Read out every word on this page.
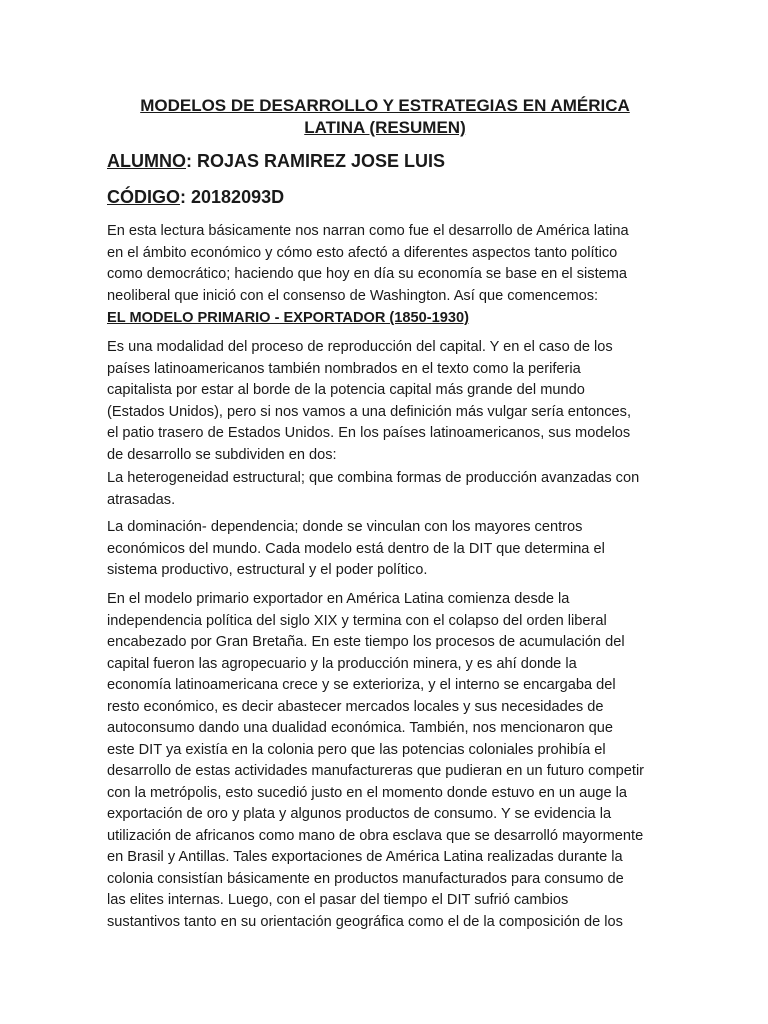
MODELOS DE DESARROLLO Y ESTRATEGIAS EN AMÉRICA
LATINA (RESUMEN)
ALUMNO: ROJAS RAMIREZ JOSE LUIS
CÓDIGO: 20182093D
En esta lectura básicamente nos narran como fue el desarrollo de América latina
en el ámbito económico y cómo esto afectó a diferentes aspectos tanto político
como democrático; haciendo que hoy en día su economía se base en el sistema
neoliberal que inició con el consenso de Washington. Así que comencemos:
EL MODELO PRIMARIO - EXPORTADOR (1850-1930)
Es una modalidad del proceso de reproducción del capital. Y en el caso de los
países latinoamericanos también nombrados en el texto como la periferia
capitalista por estar al borde de la potencia capital más grande del mundo
(Estados Unidos), pero si nos vamos a una definición más vulgar sería entonces,
el patio trasero de Estados Unidos. En los países latinoamericanos, sus modelos
de desarrollo se subdividen en dos:
La heterogeneidad estructural; que combina formas de producción avanzadas con
atrasadas.
La dominación- dependencia; donde se vinculan con los mayores centros
económicos del mundo. Cada modelo está dentro de la DIT que determina el
sistema productivo, estructural y el poder político.
En el modelo primario exportador en América Latina comienza desde la
independencia política del siglo XIX y termina con el colapso del orden liberal
encabezado por Gran Bretaña. En este tiempo los procesos de acumulación del
capital fueron las agropecuario y la producción minera, y es ahí donde la
economía latinoamericana crece y se exterioriza, y el interno se encargaba del
resto económico, es decir abastecer mercados locales y sus necesidades de
autoconsumo dando una dualidad económica. También, nos mencionaron que
este DIT ya existía en la colonia pero que las potencias coloniales prohibía el
desarrollo de estas actividades manufactureras que pudieran en un futuro competir
con la metrópolis, esto sucedió justo en el momento donde estuvo en un auge la
exportación de oro y plata y algunos productos de consumo. Y se evidencia la
utilización de africanos como mano de obra esclava que se desarrolló mayormente
en Brasil y Antillas. Tales exportaciones de América Latina realizadas durante la
colonia consistían básicamente en productos manufacturados para consumo de
las elites internas. Luego, con el pasar del tiempo el DIT sufrió cambios
sustantivos tanto en su orientación geográfica como el de la composición de los
